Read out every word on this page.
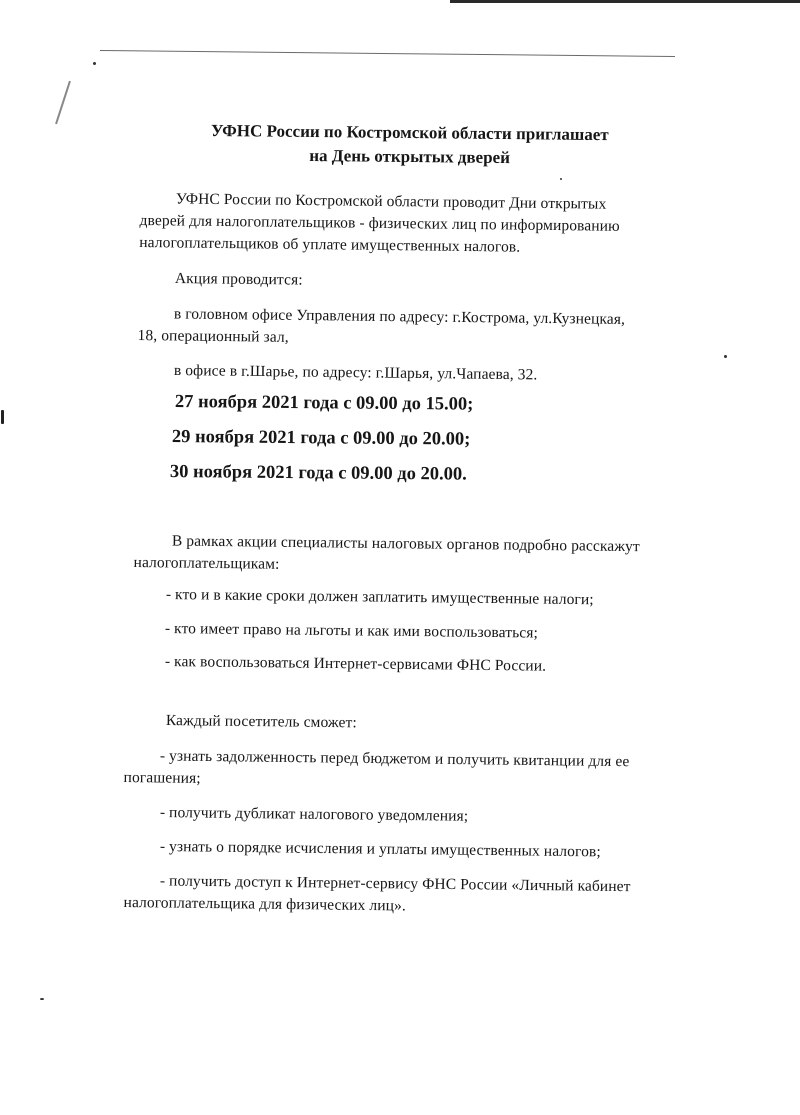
УФНС России по Костромской области приглашает
на День открытых дверей
УФНС России по Костромской области проводит Дни открытых
дверей для налогоплательщиков - физических лиц по информированию
налогоплательщиков об уплате имущественных налогов.
Акция проводится:
в головном офисе Управления по адресу: г.Кострома, ул.Кузнецкая,
18, операционный зал,
в офисе в г.Шарье, по адресу: г.Шарья, ул.Чапаева, 32.
27 ноября 2021 года с 09.00 до 15.00;
29 ноября 2021 года с 09.00 до 20.00;
30 ноября 2021 года с 09.00 до 20.00.
В рамках акции специалисты налоговых органов подробно расскажут
налогоплательщикам:
- кто и в какие сроки должен заплатить имущественные налоги;
- кто имеет право на льготы и как ими воспользоваться;
- как воспользоваться Интернет-сервисами ФНС России.
Каждый посетитель сможет:
- узнать задолженность перед бюджетом и получить квитанции для ее
погашения;
- получить дубликат налогового уведомления;
- узнать о порядке исчисления и уплаты имущественных налогов;
- получить доступ к Интернет-сервису ФНС России «Личный кабинет
налогоплательщика для физических лиц».
